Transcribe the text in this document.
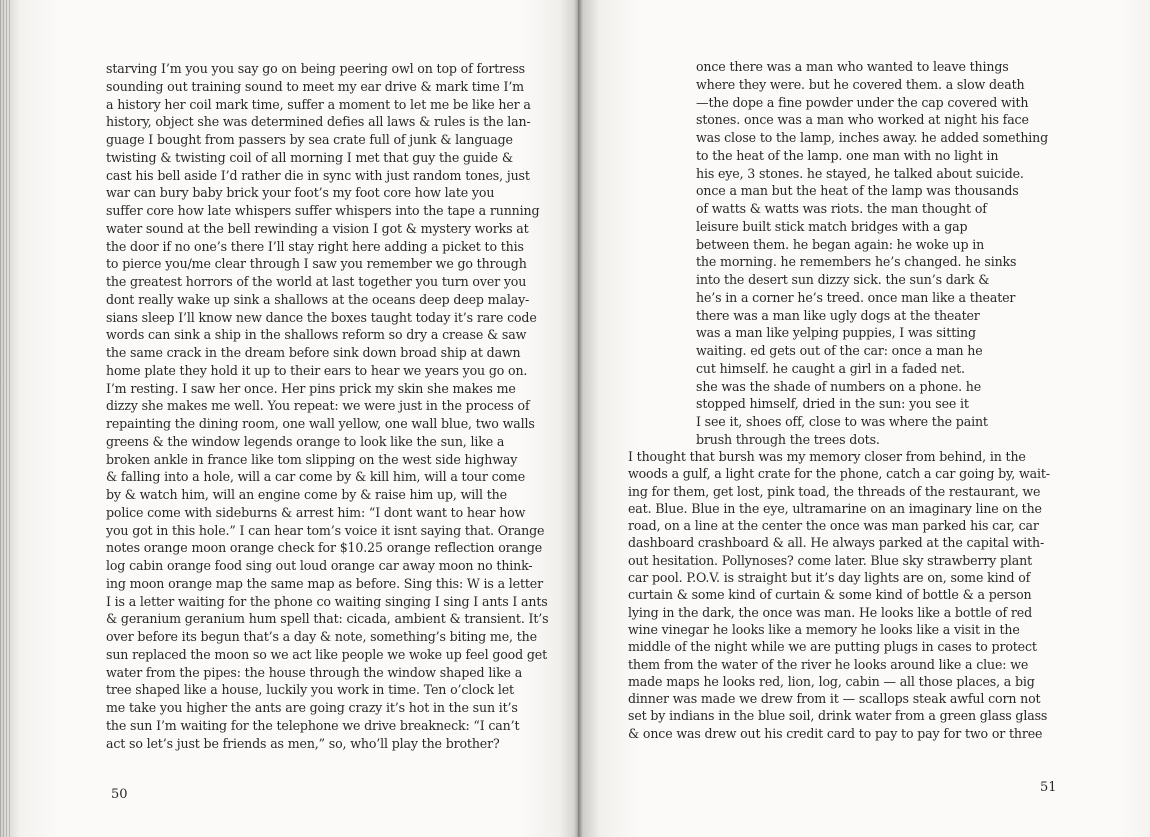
starving I’m you you say go on being peering owl on top of fortress
sounding out training sound to meet my ear drive & mark time I’m
a history her coil mark time, suffer a moment to let me be like her a
history, object she was determined defies all laws & rules is the lan-
guage I bought from passers by sea crate full of junk & language
twisting & twisting coil of all morning I met that guy the guide &
cast his bell aside I’d rather die in sync with just random tones, just
war can bury baby brick your foot’s my foot core how late you
suffer core how late whispers suffer whispers into the tape a running
water sound at the bell rewinding a vision I got & mystery works at
the door if no one’s there I’ll stay right here adding a picket to this
to pierce you/me clear through I saw you remember we go through
the greatest horrors of the world at last together you turn over you
dont really wake up sink a shallows at the oceans deep deep malay-
sians sleep I’ll know new dance the boxes taught today it’s rare code
words can sink a ship in the shallows reform so dry a crease & saw
the same crack in the dream before sink down broad ship at dawn
home plate they hold it up to their ears to hear we years you go on.
I’m resting. I saw her once. Her pins prick my skin she makes me
dizzy she makes me well. You repeat: we were just in the process of
repainting the dining room, one wall yellow, one wall blue, two walls
greens & the window legends orange to look like the sun, like a
broken ankle in france like tom slipping on the west side highway
& falling into a hole, will a car come by & kill him, will a tour come
by & watch him, will an engine come by & raise him up, will the
police come with sideburns & arrest him: “I dont want to hear how
you got in this hole.” I can hear tom’s voice it isnt saying that. Orange
notes orange moon orange check for $10.25 orange reflection orange
log cabin orange food sing out loud orange car away moon no think-
ing moon orange map the same map as before. Sing this: W is a letter
I is a letter waiting for the phone co waiting singing I sing I ants I ants
& geranium geranium hum spell that: cicada, ambient & transient. It’s
over before its begun that’s a day & note, something’s biting me, the
sun replaced the moon so we act like people we woke up feel good get
water from the pipes: the house through the window shaped like a
tree shaped like a house, luckily you work in time. Ten o’clock let
me take you higher the ants are going crazy it’s hot in the sun it’s
the sun I’m waiting for the telephone we drive breakneck: “I can’t
act so let’s just be friends as men,” so, who’ll play the brother?
50
once there was a man who wanted to leave things
where they were. but he covered them. a slow death
—the dope a fine powder under the cap covered with
stones. once was a man who worked at night his face
was close to the lamp, inches away. he added something
to the heat of the lamp. one man with no light in
his eye, 3 stones. he stayed, he talked about suicide.
once a man but the heat of the lamp was thousands
of watts & watts was riots. the man thought of
leisure built stick match bridges with a gap
between them. he began again: he woke up in
the morning. he remembers he’s changed. he sinks
into the desert sun dizzy sick. the sun’s dark &
he’s in a corner he’s treed. once man like a theater
there was a man like ugly dogs at the theater
was a man like yelping puppies, I was sitting
waiting. ed gets out of the car: once a man he
cut himself. he caught a girl in a faded net.
she was the shade of numbers on a phone. he
stopped himself, dried in the sun: you see it
I see it, shoes off, close to was where the paint
brush through the trees dots.
I thought that bursh was my memory closer from behind, in the
woods a gulf, a light crate for the phone, catch a car going by, wait-
ing for them, get lost, pink toad, the threads of the restaurant, we
eat. Blue. Blue in the eye, ultramarine on an imaginary line on the
road, on a line at the center the once was man parked his car, car
dashboard crashboard & all. He always parked at the capital with-
out hesitation. Pollynoses? come later. Blue sky strawberry plant
car pool. P.O.V. is straight but it’s day lights are on, some kind of
curtain & some kind of curtain & some kind of bottle & a person
lying in the dark, the once was man. He looks like a bottle of red
wine vinegar he looks like a memory he looks like a visit in the
middle of the night while we are putting plugs in cases to protect
them from the water of the river he looks around like a clue: we
made maps he looks red, lion, log, cabin — all those places, a big
dinner was made we drew from it — scallops steak awful corn not
set by indians in the blue soil, drink water from a green glass glass
& once was drew out his credit card to pay to pay for two or three
51
